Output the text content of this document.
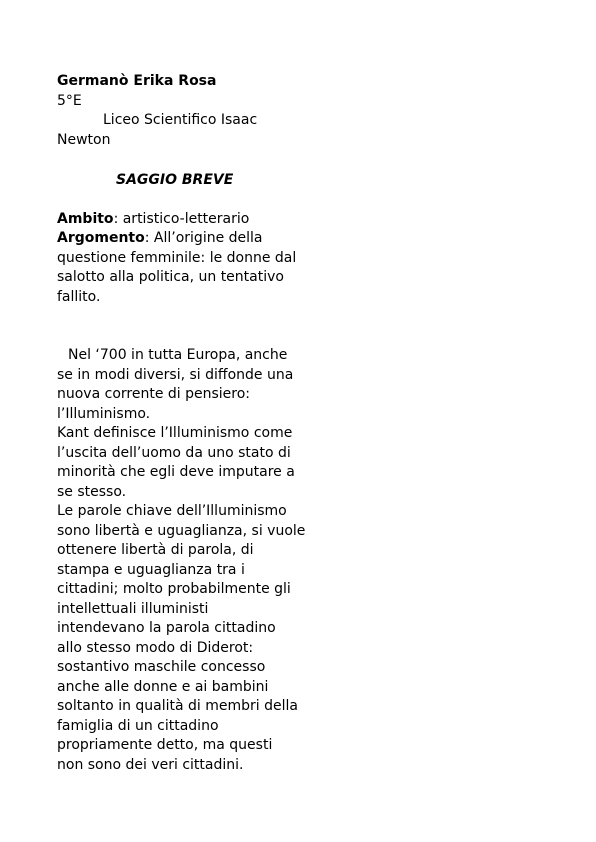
Germanò Erika Rosa
5°E
Liceo Scientifico Isaac
Newton
SAGGIO BREVE
Ambito: artistico-letterario
Argomento: All’origine della
questione femminile: le donne dal
salotto alla politica, un tentativo
fallito.
Nel ‘700 in tutta Europa, anche
se in modi diversi, si diffonde una
nuova corrente di pensiero:
l’Illuminismo.
Kant definisce l’Illuminismo come
l’uscita dell’uomo da uno stato di
minorità che egli deve imputare a
se stesso.
Le parole chiave dell’Illuminismo
sono libertà e uguaglianza, si vuole
ottenere libertà di parola, di
stampa e uguaglianza tra i
cittadini; molto probabilmente gli
intellettuali illuministi
intendevano la parola cittadino
allo stesso modo di Diderot:
sostantivo maschile concesso
anche alle donne e ai bambini
soltanto in qualità di membri della
famiglia di un cittadino
propriamente detto, ma questi
non sono dei veri cittadini.
